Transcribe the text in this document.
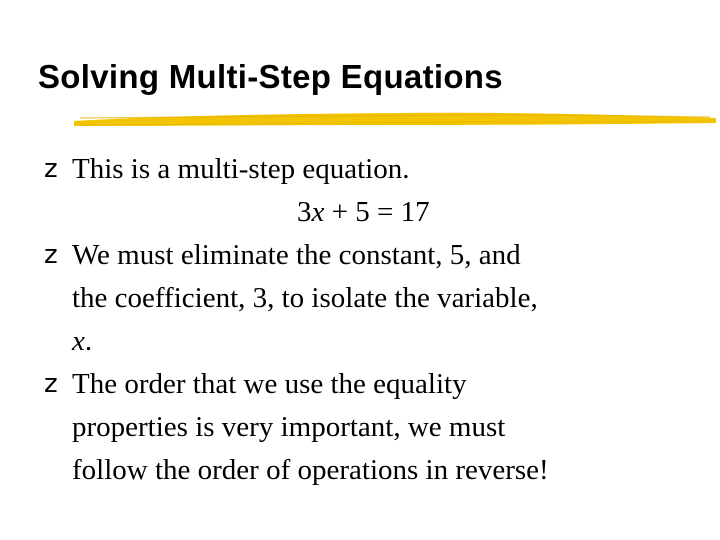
Solving Multi-Step Equations
z This is a multi-step equation.
3x + 5 = 17
z We must eliminate the constant, 5, and
the coefficient, 3, to isolate the variable,
x.
z The order that we use the equality
properties is very important, we must
follow the order of operations in reverse!
